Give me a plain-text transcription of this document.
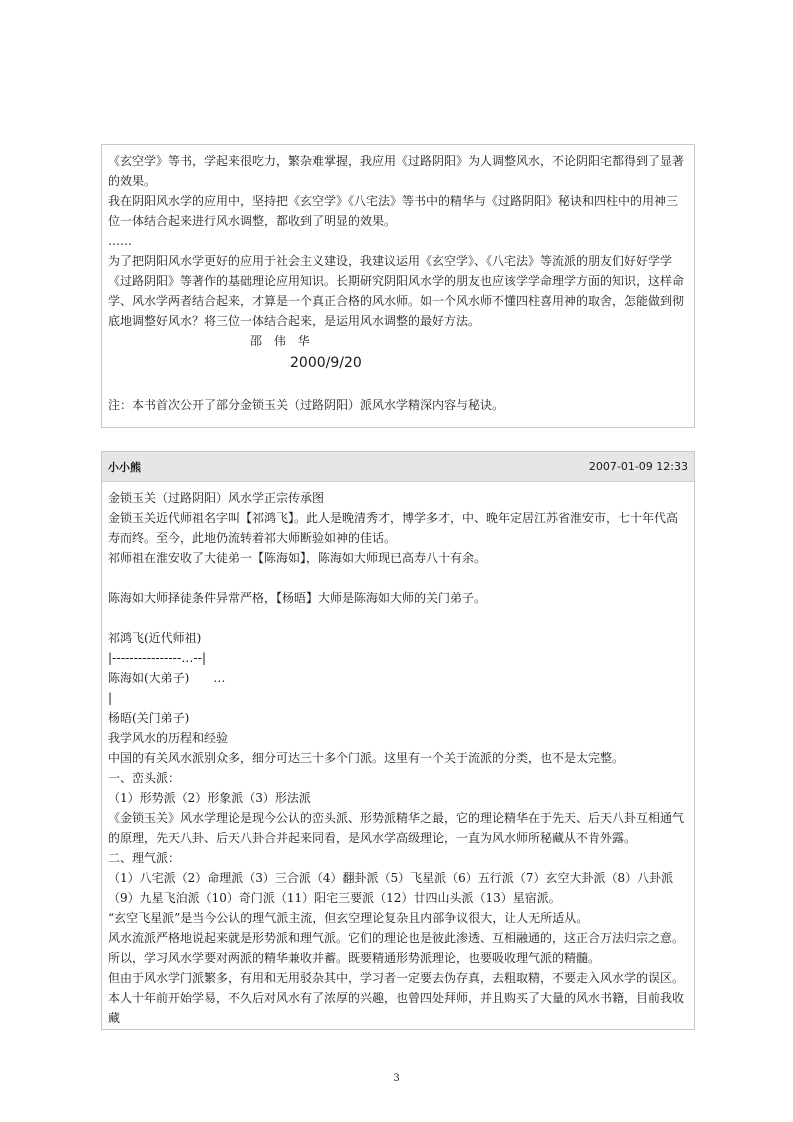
《玄空学》等书，学起来很吃力，繁杂难掌握，我应用《过路阴阳》为人调整风水，不论阴阳宅都得到了显著的效果。

我在阴阳风水学的应用中，坚持把《玄空学》《八宅法》等书中的精华与《过路阴阳》秘诀和四柱中的用神三位一体结合起来进行风水调整，都收到了明显的效果。

……

为了把阴阳风水学更好的应用于社会主义建设，我建议运用《玄空学》、《八宅法》等流派的朋友们好好学学《过路阴阳》等著作的基础理论应用知识。长期研究阴阳风水学的朋友也应该学学命理学方面的知识，这样命学、风水学两者结合起来，才算是一个真正合格的风水师。如一个风水师不懂四柱喜用神的取舍，怎能做到彻底地调整好风水？将三位一体结合起来，是运用风水调整的最好方法。

邵 伟 华
2000/9/20

注：本书首次公开了部分金锁玉关（过路阴阳）派风水学精深内容与秘诀。

小小熊	2007-01-09 12:33

金锁玉关（过路阴阳）风水学正宗传承图

金锁玉关近代师祖名字叫【祁鸿飞】。此人是晚清秀才，博学多才，中、晚年定居江苏省淮安市，七十年代高寿而终。至今，此地仍流转着祁大师断验如神的佳话。

祁师祖在淮安收了大徒弟一【陈海如】，陈海如大师现已高寿八十有余。

陈海如大师择徒条件异常严格，【杨晤】大师是陈海如大师的关门弟子。

祁鸿飞(近代师祖)

|----------------…--|

陈海如(大弟子)　　…

|

杨晤(关门弟子)

我学风水的历程和经验

中国的有关风水派别众多，细分可达三十多个门派。这里有一个关于流派的分类，也不是太完整。

一、峦头派：

（1）形势派（2）形象派（3）形法派

《金锁玉关》风水学理论是现今公认的峦头派、形势派精华之最，它的理论精华在于先天、后天八卦互相通气的原理，先天八卦、后天八卦合并起来同看，是风水学高级理论，一直为风水师所秘藏从不肯外露。

二、理气派：

（1）八宅派（2）命理派（3）三合派（4）翻卦派（5）飞星派（6）五行派（7）玄空大卦派（8）八卦派（9）九星飞泊派（10）奇门派（11）阳宅三要派（12）廿四山头派（13）星宿派。

“玄空飞星派”是当今公认的理气派主流，但玄空理论复杂且内部争议很大，让人无所适从。

风水流派严格地说起来就是形势派和理气派。它们的理论也是彼此渗透、互相融通的，这正合万法归宗之意。所以，学习风水学要对两派的精华兼收并蓄。既要精通形势派理论，也要吸收理气派的精髓。

但由于风水学门派繁多，有用和无用驳杂其中，学习者一定要去伪存真，去粗取精，不要走入风水学的误区。

本人十年前开始学易，不久后对风水有了浓厚的兴趣，也曾四处拜师，并且购买了大量的风水书籍，目前我收藏

3
